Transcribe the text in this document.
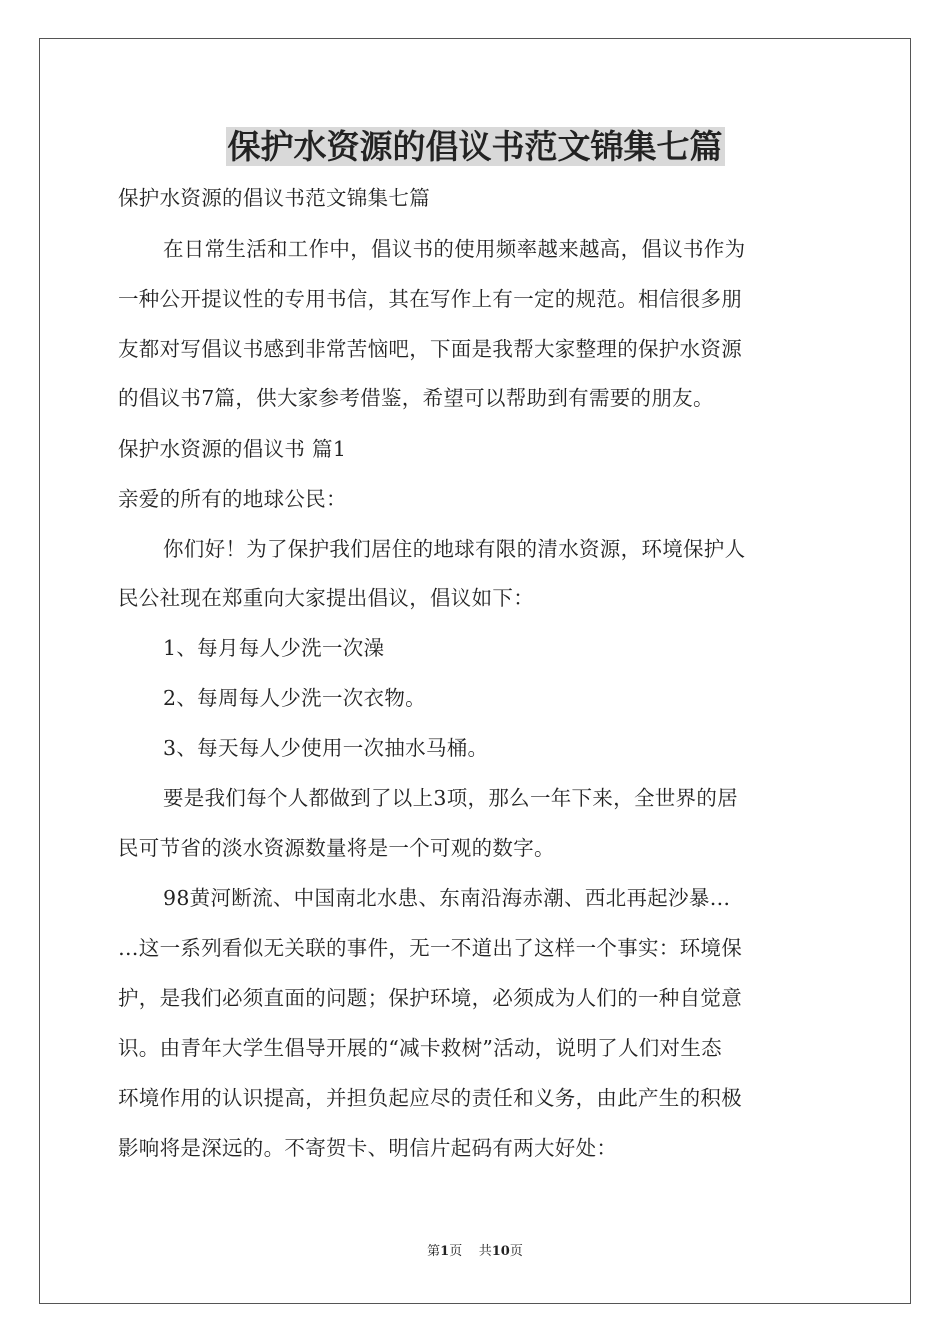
保护水资源的倡议书范文锦集七篇
保护水资源的倡议书范文锦集七篇
在日常生活和工作中，倡议书的使用频率越来越高，倡议书作为
一种公开提议性的专用书信，其在写作上有一定的规范。相信很多朋
友都对写倡议书感到非常苦恼吧，下面是我帮大家整理的保护水资源
的倡议书7篇，供大家参考借鉴，希望可以帮助到有需要的朋友。
保护水资源的倡议书 篇1
亲爱的所有的地球公民：
你们好！为了保护我们居住的地球有限的清水资源，环境保护人
民公社现在郑重向大家提出倡议，倡议如下：
1、每月每人少洗一次澡
2、每周每人少洗一次衣物。
3、每天每人少使用一次抽水马桶。
要是我们每个人都做到了以上3项，那么一年下来，全世界的居
民可节省的淡水资源数量将是一个可观的数字。
98黄河断流、中国南北水患、东南沿海赤潮、西北再起沙暴…
…这一系列看似无关联的事件，无一不道出了这样一个事实：环境保
护，是我们必须直面的问题；保护环境，必须成为人们的一种自觉意
识。由青年大学生倡导开展的“减卡救树”活动，说明了人们对生态
环境作用的认识提高，并担负起应尽的责任和义务，由此产生的积极
影响将是深远的。不寄贺卡、明信片起码有两大好处：
第1页    共10页
